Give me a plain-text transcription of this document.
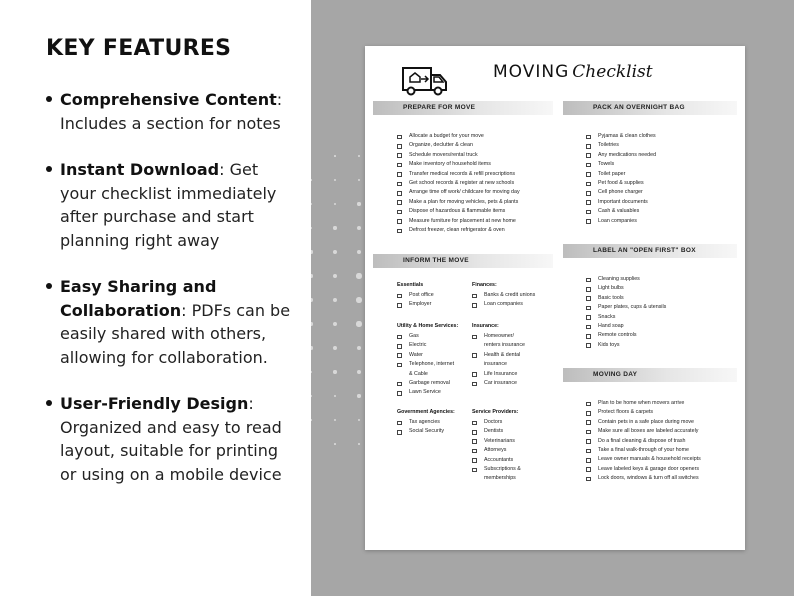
KEY FEATURES

Comprehensive Content: Includes a section for notes

Instant Download: Get your checklist immediately after purchase and start planning right away

Easy Sharing and Collaboration: PDFs can be easily shared with others, allowing for collaboration.

User-Friendly Design: Organized and easy to read layout, suitable for printing or using on a mobile device

MOVING Checklist
PREPARE FOR MOVE
Allocate a budget for your move
Organize, declutter & clean
Schedule movers/rental truck
Make inventory of household items
Transfer medical records & refill prescriptions
Get school records & register at new schools
Arrange time off work/ childcare for moving day
Make a plan for moving vehicles, pets & plants
Dispose of hazardous & flammable items
Measure furniture for placement at new home
Defrost freezer, clean refrigerator & oven
PACK AN OVERNIGHT BAG
Pyjamas & clean clothes
Toiletries
Any medications needed
Towels
Toilet paper
Pet food & supplies
Cell phone charger
Important documents
Cash & valuables
Loan companies
INFORM THE MOVE
Essentials
Post office
Employer
Finances:
Banks & credit unions
Loan companies
Utility & Home Services:
Gas
Electric
Water
Telephone, internet
& Cable
Garbage removal
Lawn Service
Insurance:
Homeowner/
renters insurance
Health & dental
insurance
Life Insurance
Car insurance
Government Agencies:
Tax agencies
Social Security
Service Providers:
Doctors
Dentists
Veterinarians
Attorneys
Accountants
Subscriptions &
memberships
LABEL AN "OPEN FIRST" BOX
Cleaning supplies
Light bulbs
Basic tools
Paper plates, cups & utensils
Snacks
Hand soap
Remote controls
Kids toys
MOVING DAY
Plan to be home when movers arrive
Protect floors & carpets
Contain pets in a safe place during move
Make sure all boxes are labeled accurately
Do a final cleaning & dispose of trash
Take a final walk-through of your home
Leave owner manuals & household receipts
Leave labeled keys & garage door openers
Lock doors, windows & turn off all switches
